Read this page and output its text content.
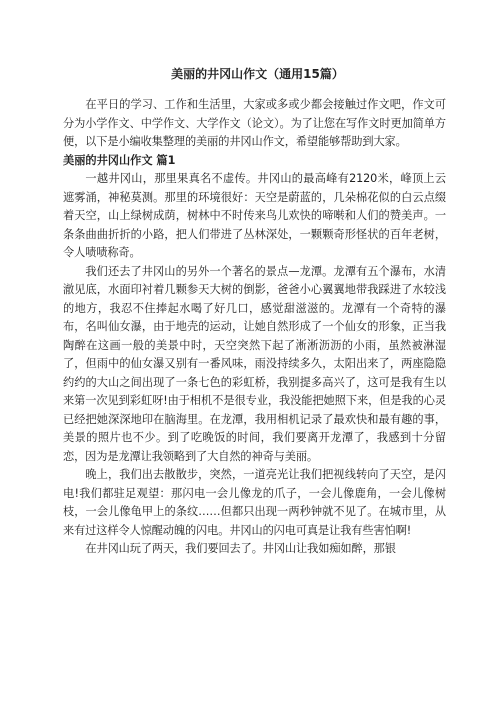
美丽的井冈山作文（通用15篇）

在平日的学习、工作和生活里，大家或多或少都会接触过作文吧，作文可分为小学作文、中学作文、大学作文（论文）。为了让您在写作文时更加简单方便，以下是小编收集整理的美丽的井冈山作文，希望能够帮助到大家。

美丽的井冈山作文 篇1

一越井冈山，那里果真名不虚传。井冈山的最高峰有2120米，峰顶上云遮雾涌，神秘莫测。那里的环境很好：天空是蔚蓝的，几朵棉花似的白云点缀着天空，山上绿树成荫，树林中不时传来鸟儿欢快的啼啭和人们的赞美声。一条条曲曲折折的小路，把人们带进了丛林深处，一颗颗奇形怪状的百年老树，令人啧啧称奇。

我们还去了井冈山的另外一个著名的景点—龙潭。龙潭有五个瀑布，水清澈见底，水面印衬着几颗参天大树的倒影，爸爸小心翼翼地带我踩进了水较浅的地方，我忍不住捧起水喝了好几口，感觉甜滋滋的。龙潭有一个奇特的瀑布，名叫仙女瀑，由于地壳的运动，让她自然形成了一个仙女的形象，正当我陶醉在这画一般的美景中时，天空突然下起了淅淅沥沥的小雨，虽然被淋湿了，但雨中的仙女瀑又别有一番风味，雨没持续多久，太阳出来了，两座隐隐约约的大山之间出现了一条七色的彩虹桥，我别提多高兴了，这可是我有生以来第一次见到彩虹呀!由于相机不是很专业，我没能把她照下来，但是我的心灵已经把她深深地印在脑海里。在龙潭，我用相机记录了最欢快和最有趣的事，美景的照片也不少。到了吃晚饭的时间，我们要离开龙潭了，我感到十分留恋，因为是龙潭让我领略到了大自然的神奇与美丽。

晚上，我们出去散散步，突然，一道亮光让我们把视线转向了天空，是闪电!我们都驻足观望：那闪电一会儿像龙的爪子，一会儿像鹿角，一会儿像树枝，一会儿像龟甲上的条纹……但都只出现一两秒钟就不见了。在城市里，从来有过这样令人惊醒动魄的闪电。井冈山的闪电可真是让我有些害怕啊!

在井冈山玩了两天，我们要回去了。井冈山让我如痴如醉，那银
